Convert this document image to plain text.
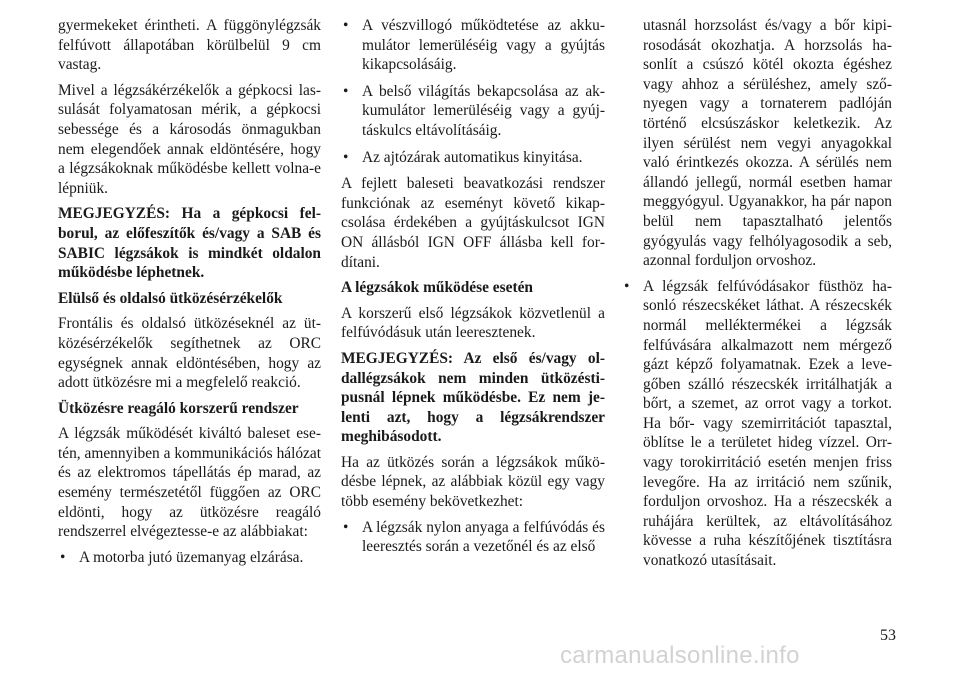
gyermekeket érintheti. A függönylégzsák felfúvott állapotában körülbelül 9 cm vastag.

Mivel a légzsákérzékelők a gépkocsi lassulását folyamatosan mérik, a gépkocsi sebessége és a károsodás önmagukban nem elegendőek annak eldöntésére, hogy a légzsákoknak működésbe kellett volna-e lépniük.

MEGJEGYZÉS: Ha a gépkocsi felborul, az előfeszítők és/vagy a SAB és SABIC légzsákok is mindkét oldalon működésbe léphetnek.

Elülső és oldalsó ütközésérzékelők

Frontális és oldalsó ütközéseknél az ütközésérzékelők segíthetnek az ORC egységnek annak eldöntésében, hogy az adott ütközésre mi a megfelelő reakció.

Ütközésre reagáló korszerű rendszer

A légzsák működését kiváltó baleset esetén, amennyiben a kommunikációs hálózat és az elektromos tápellátás ép marad, az esemény természetétől függően az ORC eldönti, hogy az ütközésre reagáló rendszerrel elvégeztesse-e az alábbiakat:

• A motorba jutó üzemanyag elzárása.
• A vészvillogó működtetése az akkumulátor lemerüléséig vagy a gyújtás kikapcsolásáig.
• A belső világítás bekapcsolása az akkumulátor lemerüléséig vagy a gyújtáskulcs eltávolításáig.
• Az ajtózárak automatikus kinyitása.

A fejlett baleseti beavatkozási rendszer funkciónak az eseményt követő kikapcsolása érdekében a gyújtáskulcsot IGN ON állásból IGN OFF állásba kell fordítani.

A légzsákok működése esetén

A korszerű első légzsákok közvetlenül a felfúvódásuk után leeresztenek.

MEGJEGYZÉS: Az első és/vagy oldallégzsákok nem minden ütközéstipusnál lépnek működésbe. Ez nem jelenti azt, hogy a légzsákrendszer meghibásodott.

Ha az ütközés során a légzsákok működésbe lépnek, az alábbiak közül egy vagy több esemény bekövetkezhet:

• A légzsák nylon anyaga a felfúvódás és leeresztés során a vezetőnél és az első

utasnál horzsolást és/vagy a bőr kipirosodását okozhatja. A horzsolás hasonlít a csúszó kötél okozta égéshez vagy ahhoz a sérüléshez, amely szőnyegen vagy a tornaterem padlóján történő elcsúszáskor keletkezik. Az ilyen sérülést nem vegyi anyagokkal való érintkezés okozza. A sérülés nem állandó jellegű, normál esetben hamar meggyógyul. Ugyanakkor, ha pár napon belül nem tapasztalható jelentős gyógyulás vagy felhólyagosodik a seb, azonnal forduljon orvoshoz.

• A légzsák felfúvódásakor füsthöz hasonló részecskéket láthat. A részecskék normál melléktermékei a légzsák felfúvására alkalmazott nem mérgező gázt képző folyamatnak. Ezek a levegőben szálló részecskék irritálhatják a bőrt, a szemet, az orrot vagy a torkot. Ha bőr- vagy szemirritációt tapasztal, öblítse le a területet hideg vízzel. Orr- vagy torokirritáció esetén menjen friss levegőre. Ha az irritáció nem szűnik, forduljon orvoshoz. Ha a részecskék a ruhájára kerültek, az eltávolításához kövesse a ruha készítőjének tisztításra vonatkozó utasításait.
53
carmanualsonline.info
